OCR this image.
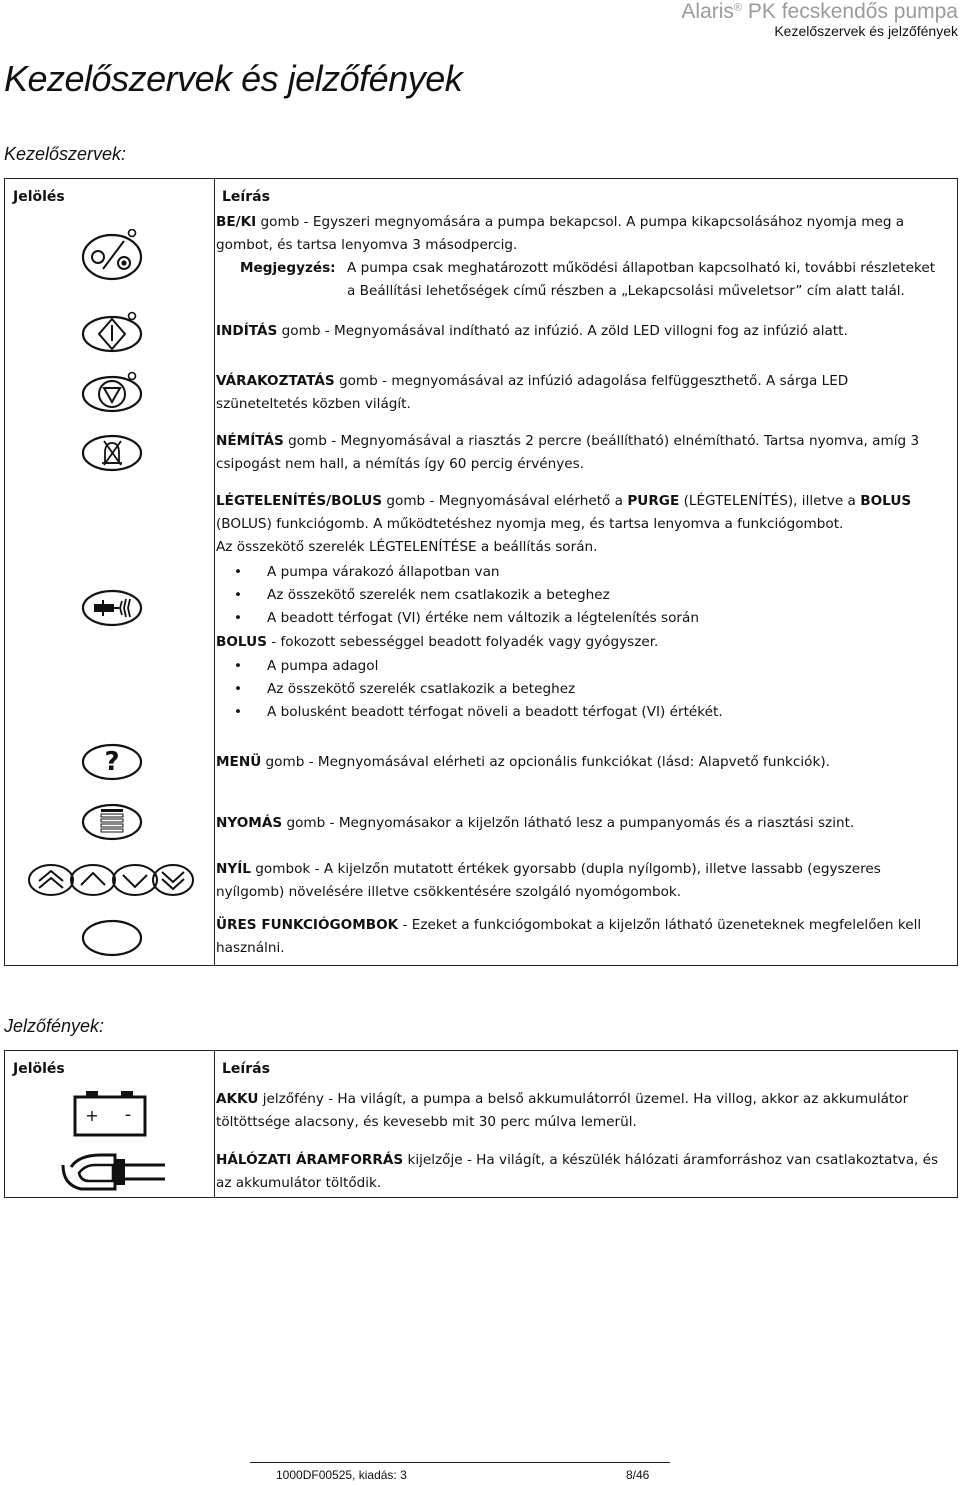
Alaris® PK fecskendős pumpa
Kezelőszervek és jelzőfények
Kezelőszervek és jelzőfények
Kezelőszervek:
Jelölés	Leírás
?
BE/KI gomb - Egyszeri megnyomására a pumpa bekapcsol. A pumpa kikapcsolásához nyomja meg a
gombot, és tartsa lenyomva 3 másodpercig.
Megjegyzés: A pumpa csak meghatározott működési állapotban kapcsolható ki, további részleteket
a Beállítási lehetőségek című részben a „Lekapcsolási műveletsor” cím alatt talál.
INDÍTÁS gomb - Megnyomásával indítható az infúzió. A zöld LED villogni fog az infúzió alatt.
VÁRAKOZTATÁS gomb - megnyomásával az infúzió adagolása felfüggeszthető. A sárga LED
szüneteltetés közben világít.
NÉMÍTÁS gomb - Megnyomásával a riasztás 2 percre (beállítható) elnémítható. Tartsa nyomva, amíg 3
csipogást nem hall, a némítás így 60 percig érvényes.
LÉGTELENÍTÉS/BOLUS gomb - Megnyomásával elérhető a PURGE (LÉGTELENÍTÉS), illetve a BOLUS
(BOLUS) funkciógomb. A működtetéshez nyomja meg, és tartsa lenyomva a funkciógombot.
Az összekötő szerelék LÉGTELENÍTÉSE a beállítás során.
• A pumpa várakozó állapotban van
• Az összekötő szerelék nem csatlakozik a beteghez
• A beadott térfogat (VI) értéke nem változik a légtelenítés során
BOLUS - fokozott sebességgel beadott folyadék vagy gyógyszer.
• A pumpa adagol
• Az összekötő szerelék csatlakozik a beteghez
• A bolusként beadott térfogat növeli a beadott térfogat (VI) értékét.
MENÜ gomb - Megnyomásával elérheti az opcionális funkciókat (lásd: Alapvető funkciók).
NYOMÁS gomb - Megnyomásakor a kijelzőn látható lesz a pumpanyomás és a riasztási szint.
NYÍL gombok - A kijelzőn mutatott értékek gyorsabb (dupla nyílgomb), illetve lassabb (egyszeres
nyílgomb) növelésére illetve csökkentésére szolgáló nyomógombok.
ÜRES FUNKCIÓGOMBOK - Ezeket a funkciógombokat a kijelzőn látható üzeneteknek megfelelően kell
használni.
Jelzőfények:
Jelölés	Leírás
+ -
AKKU jelzőfény - Ha világít, a pumpa a belső akkumulátorról üzemel. Ha villog, akkor az akkumulátor
töltöttsége alacsony, és kevesebb mit 30 perc múlva lemerül.
HÁLÓZATI ÁRAMFORRÁS kijelzője - Ha világít, a készülék hálózati áramforráshoz van csatlakoztatva, és
az akkumulátor töltődik.
1000DF00525, kiadás: 3	8/46
